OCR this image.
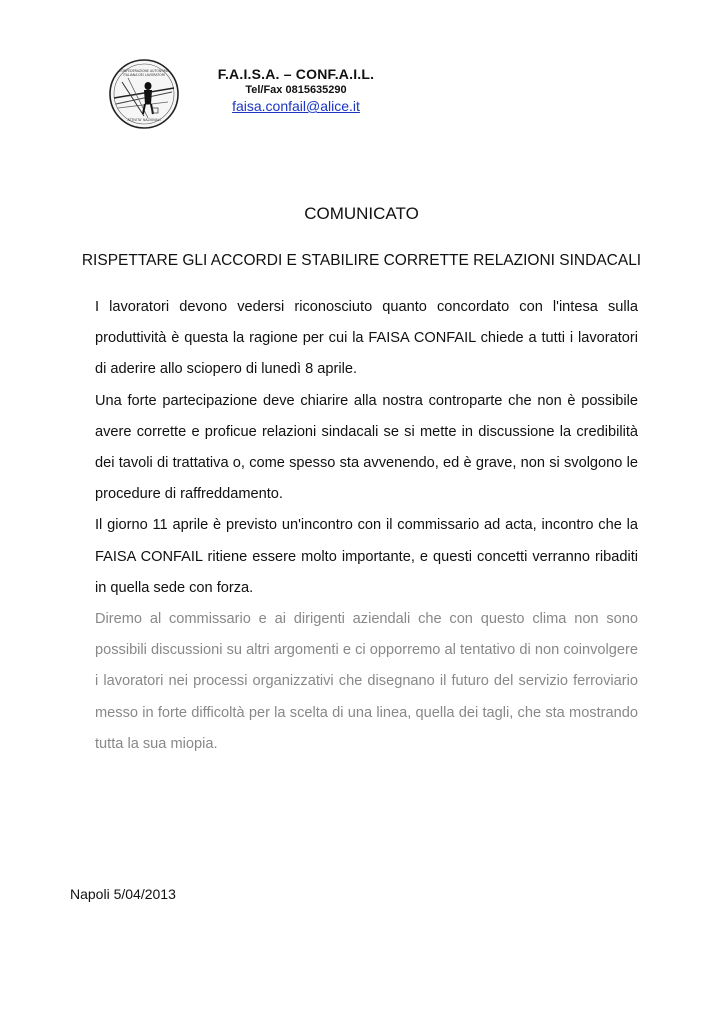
CONFEDERAZIONE AUTONOMA
ITALIANA DEI LAVORATORI
ATTIVITA' NAZIONALI
F.A.I.S.A. – CONF.A.I.L.
Tel/Fax 0815635290
faisa.confail@alice.it
COMUNICATO
RISPETTARE GLI ACCORDI E STABILIRE CORRETTE RELAZIONI SINDACALI

I lavoratori devono vedersi riconosciuto quanto concordato con l'intesa sulla produttività è questa la ragione per cui la FAISA CONFAIL chiede a tutti i lavoratori di aderire allo sciopero di lunedì 8 aprile.

Una forte partecipazione deve chiarire alla nostra controparte che non è possibile avere corrette e proficue relazioni sindacali se si mette in discussione la credibilità dei tavoli di trattativa o, come spesso sta avvenendo, ed è grave, non si svolgono le procedure di raffreddamento.

Il giorno 11 aprile è previsto un'incontro con il commissario ad acta, incontro che la FAISA CONFAIL ritiene essere molto importante, e questi concetti verranno ribaditi in quella sede con forza.

Diremo al commissario e ai dirigenti aziendali che con questo clima non sono possibili discussioni su altri argomenti e ci opporremo al tentativo di non coinvolgere i lavoratori nei processi organizzativi che disegnano il futuro del servizio ferroviario messo in forte difficoltà per la scelta di una linea, quella dei tagli, che sta mostrando tutta la sua miopia.

Napoli 5/04/2013
